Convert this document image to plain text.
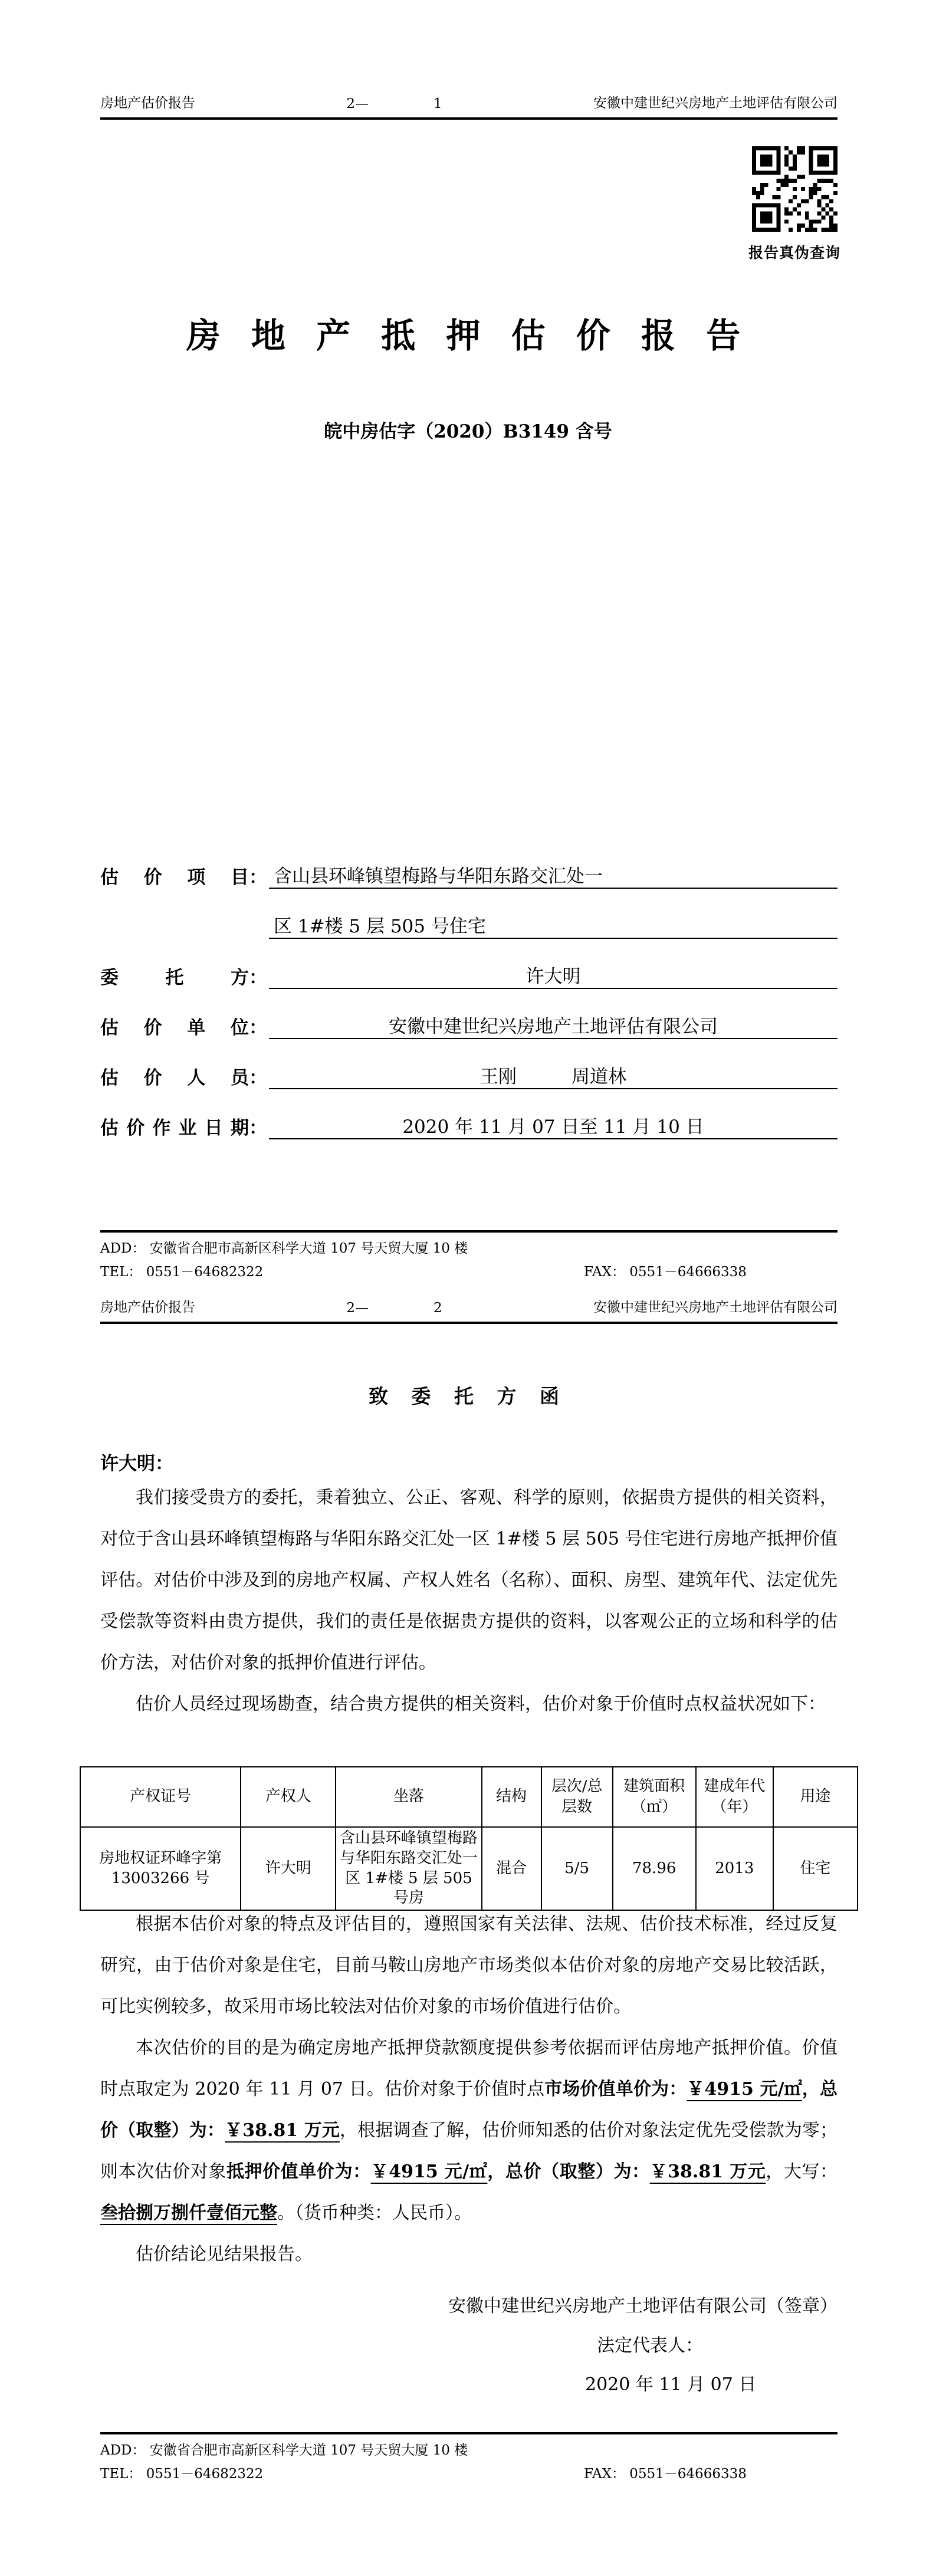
房地产估价报告	2—	1	安徽中建世纪兴房地产土地评估有限公司
报告真伪查询
房 地 产 抵 押 估 价 报 告
皖中房估字（2020）B3149 含号
估 价 项 目 ： 含山县环峰镇望梅路与华阳东路交汇处一
区 1#楼 5 层 505 号住宅
委 托 方 ：	许大明
估 价 单 位 ：	安徽中建世纪兴房地产土地评估有限公司
估 价 人 员 ：	王刚　　　周道林
估价作业日期 ：	2020 年 11 月 07 日至 11 月 10 日
ADD： 安徽省合肥市高新区科学大道 107 号天贸大厦 10 楼
TEL： 0551－64682322	FAX： 0551－64666338
房地产估价报告	2—	2	安徽中建世纪兴房地产土地评估有限公司
致 委 托 方 函
许大明：

我们接受贵方的委托，秉着独立、公正、客观、科学的原则，依据贵方提供的相关资料，对位于含山县环峰镇望梅路与华阳东路交汇处一区 1#楼 5 层 505 号住宅进行房地产抵押价值评估。对估价中涉及到的房地产权属、产权人姓名（名称）、面积、房型、建筑年代、法定优先受偿款等资料由贵方提供，我们的责任是依据贵方提供的资料，以客观公正的立场和科学的估价方法，对估价对象的抵押价值进行评估。

估价人员经过现场勘查，结合贵方提供的相关资料，估价对象于价值时点权益状况如下：

产权证号	产权人	坐落	结构	层次/总层数	建筑面积（㎡）	建成年代（年）	用途
房地权证环峰字第 13003266 号	许大明	含山县环峰镇望梅路与华阳东路交汇处一区 1#楼 5 层 505 号房	混合	5/5	78.96	2013	住宅

根据本估价对象的特点及评估目的，遵照国家有关法律、法规、估价技术标准，经过反复研究，由于估价对象是住宅，目前马鞍山房地产市场类似本估价对象的房地产交易比较活跃，可比实例较多，故采用市场比较法对估价对象的市场价值进行估价。

本次估价的目的是为确定房地产抵押贷款额度提供参考依据而评估房地产抵押价值。价值时点取定为 2020 年 11 月 07 日。估价对象于价值时点市场价值单价为：￥4915 元/㎡，总价（取整）为：￥38.81 万元，根据调查了解，估价师知悉的估价对象法定优先受偿款为零；则本次估价对象抵押价值单价为：￥4915 元/㎡，总价（取整）为：￥38.81 万元，大写：叁拾捌万捌仟壹佰元整。（货币种类：人民币）。

估价结论见结果报告。

安徽中建世纪兴房地产土地评估有限公司（签章）
法定代表人：
2020 年 11 月 07 日
ADD： 安徽省合肥市高新区科学大道 107 号天贸大厦 10 楼
TEL： 0551－64682322	FAX： 0551－64666338
